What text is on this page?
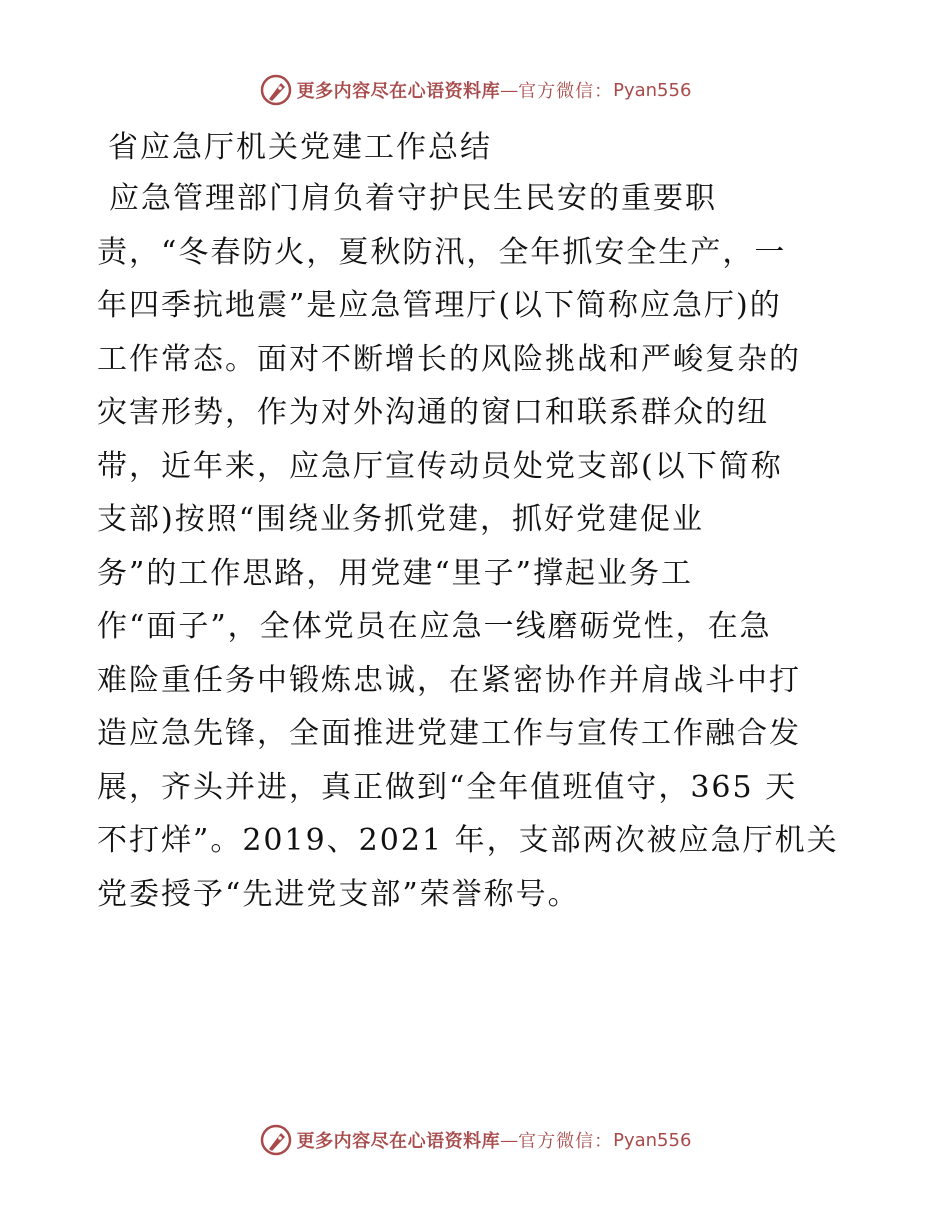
更多内容尽在心语资料库 — 官方微信： Pyan556
省应急厅机关党建工作总结
应急管理部门肩负着守护民生民安的重要职
责，“冬春防火，夏秋防汛，全年抓安全生产，一
年四季抗地震”是应急管理厅(以下简称应急厅)的
工作常态。面对不断增长的风险挑战和严峻复杂的
灾害形势，作为对外沟通的窗口和联系群众的纽
带，近年来，应急厅宣传动员处党支部(以下简称
支部)按照“围绕业务抓党建，抓好党建促业
务”的工作思路，用党建“里子”撑起业务工
作“面子”，全体党员在应急一线磨砺党性，在急
难险重任务中锻炼忠诚，在紧密协作并肩战斗中打
造应急先锋，全面推进党建工作与宣传工作融合发
展，齐头并进，真正做到“全年值班值守，365 天
不打烊”。2019、2021 年，支部两次被应急厅机关
党委授予“先进党支部”荣誉称号。
更多内容尽在心语资料库 — 官方微信： Pyan556
